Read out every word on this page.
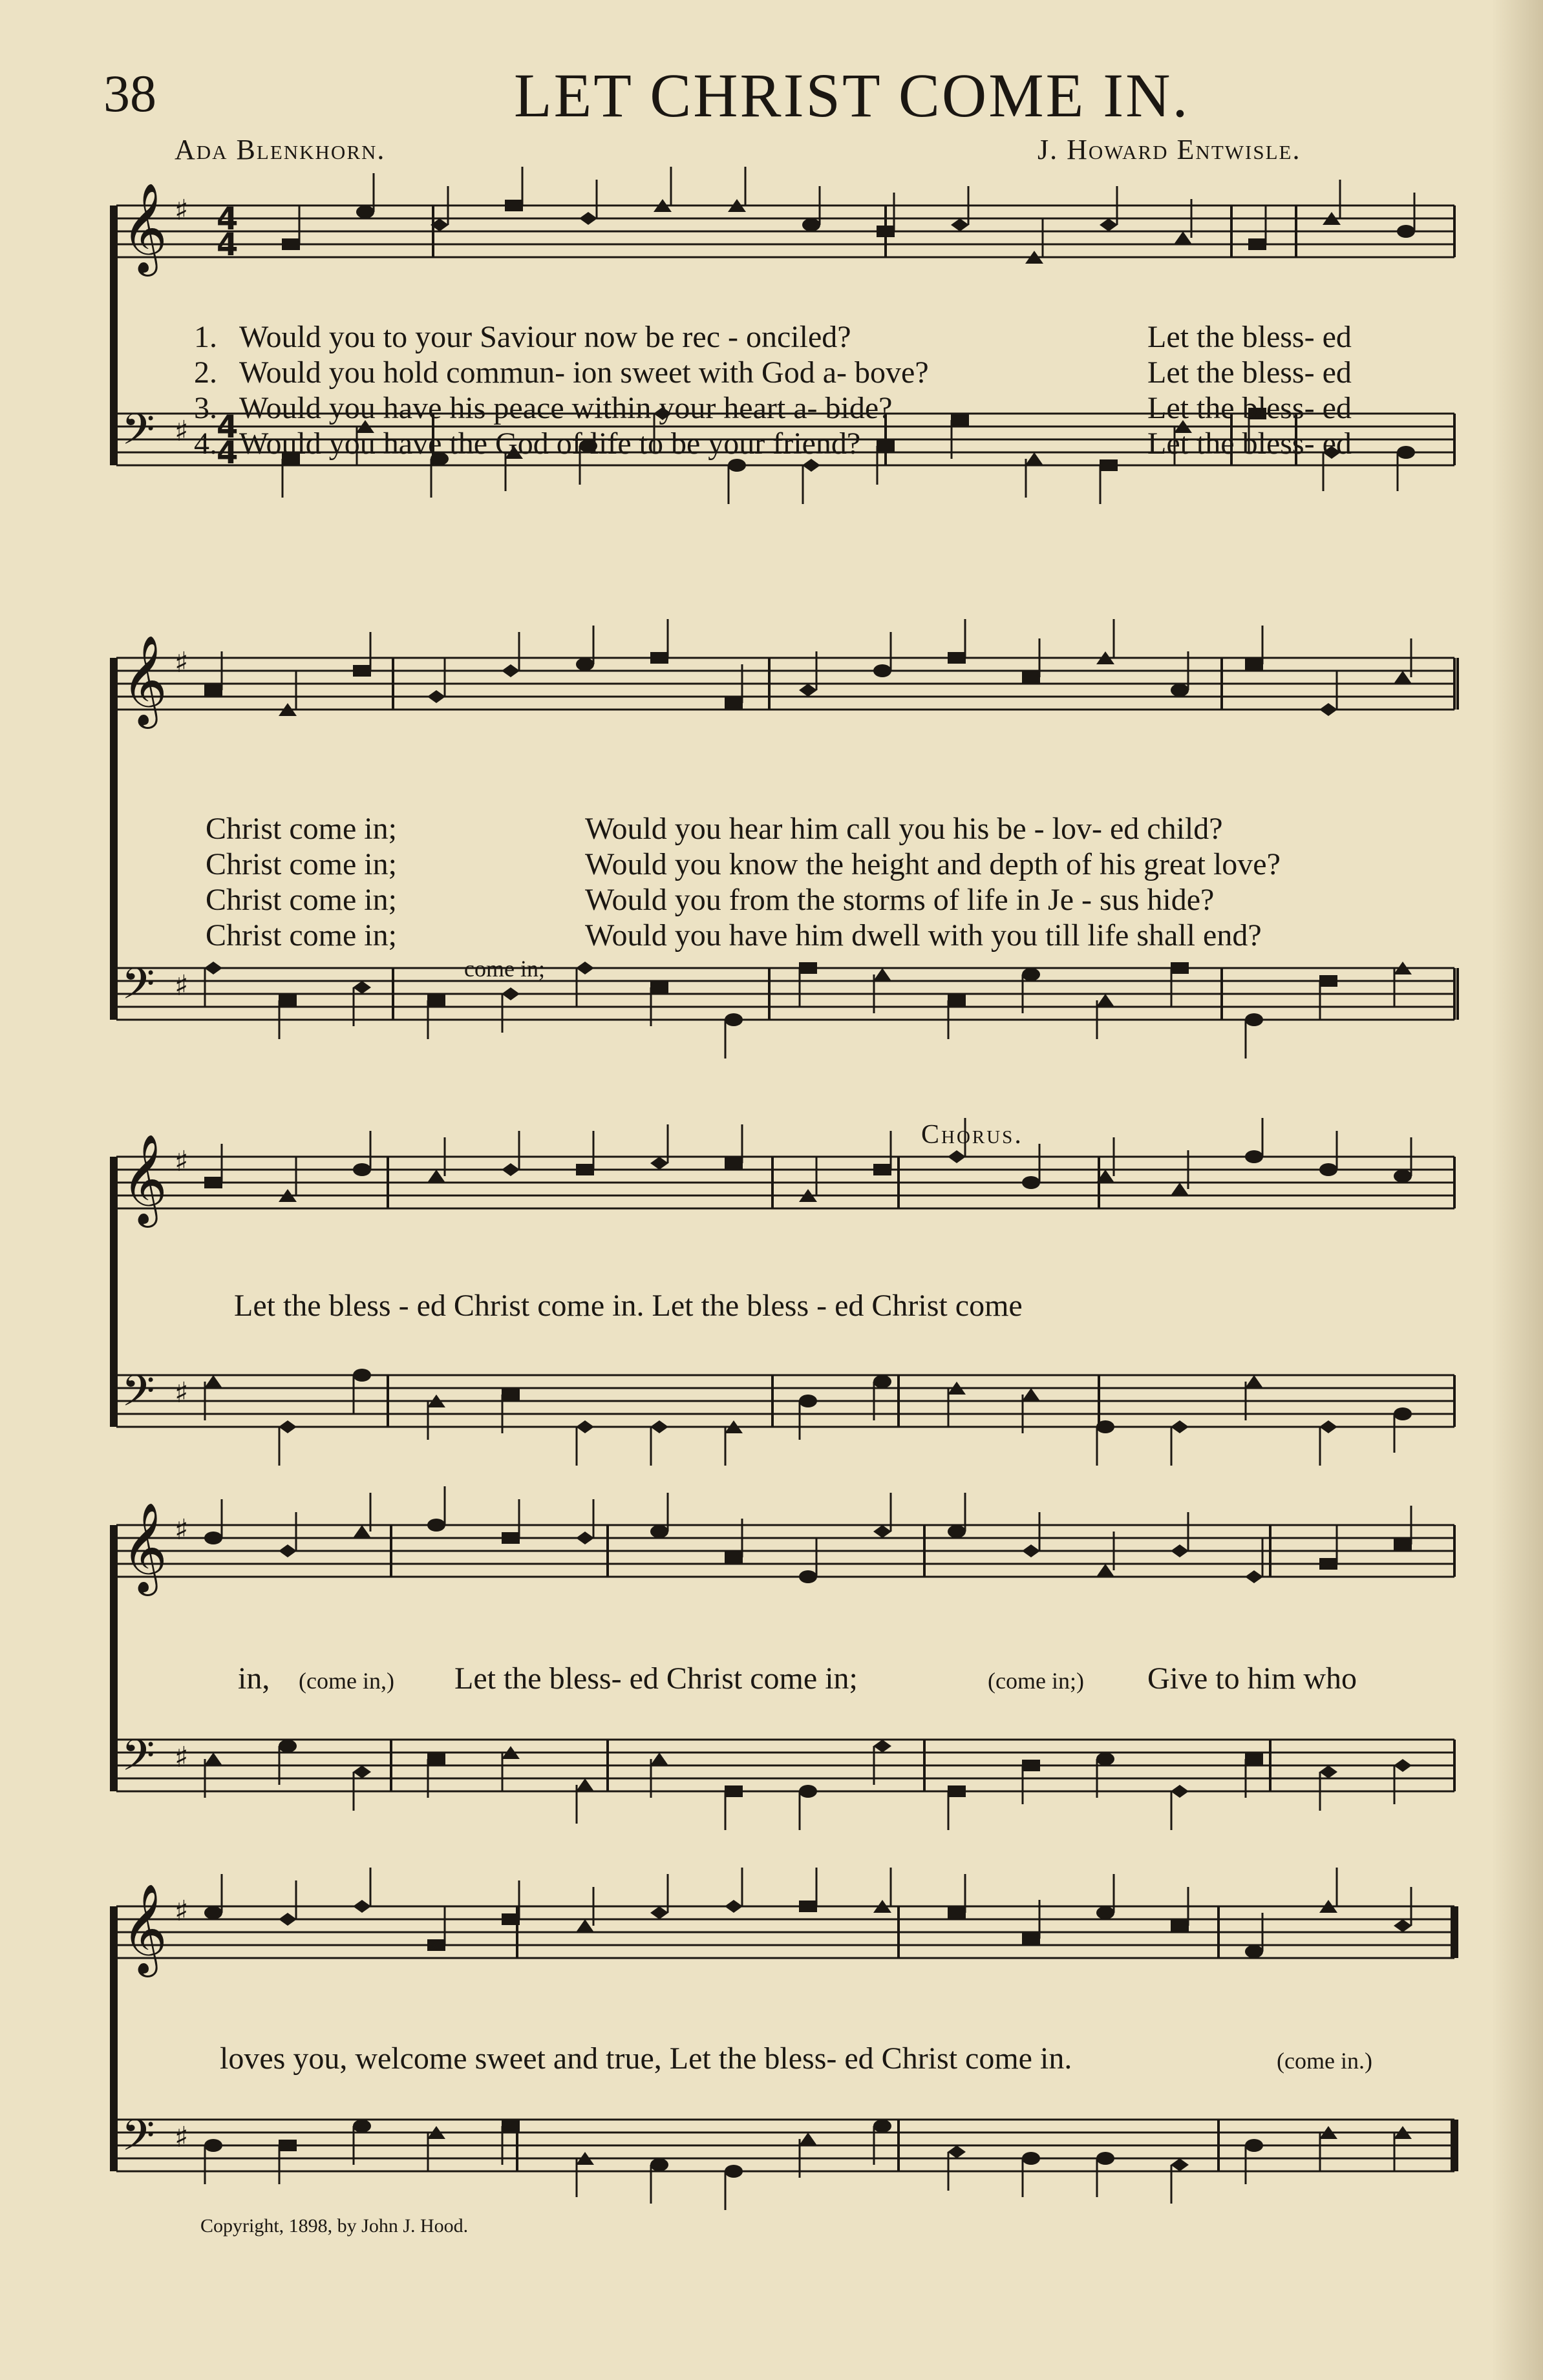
38	LET CHRIST COME IN.
Ada Blenkhorn.	J. Howard Entwisle.
𝄞 ♯ 4
4
𝄢 ♯ 4
4
𝄞 ♯
𝄢 ♯
𝄞 ♯
𝄢 ♯
𝄞 ♯
𝄢 ♯
𝄞 ♯
𝄢 ♯
1. Would you to your Saviour now be rec - onciled?	Let the bless- ed
2. Would you hold commun- ion sweet with God a- bove?	Let the bless- ed
3. Would you have his peace within your heart a- bide?	Let the bless- ed
4. Would you have the God of life to be your friend?	Let the bless- ed
Christ come in;	Would you hear him call you his be - lov- ed child?
Christ come in;	Would you know the height and depth of his great love?
Christ come in;	Would you from the storms of life in Je - sus hide?
Christ come in;	Would you have him dwell with you till life shall end?
come in;
Chorus.
Let the bless - ed Christ come in. Let the bless - ed Christ come
in, (come in,) Let the bless- ed Christ come in;	(come in;) Give to him who
loves you, welcome sweet and true, Let the bless- ed Christ come in.	(come in.)
Copyright, 1898, by John J. Hood.
